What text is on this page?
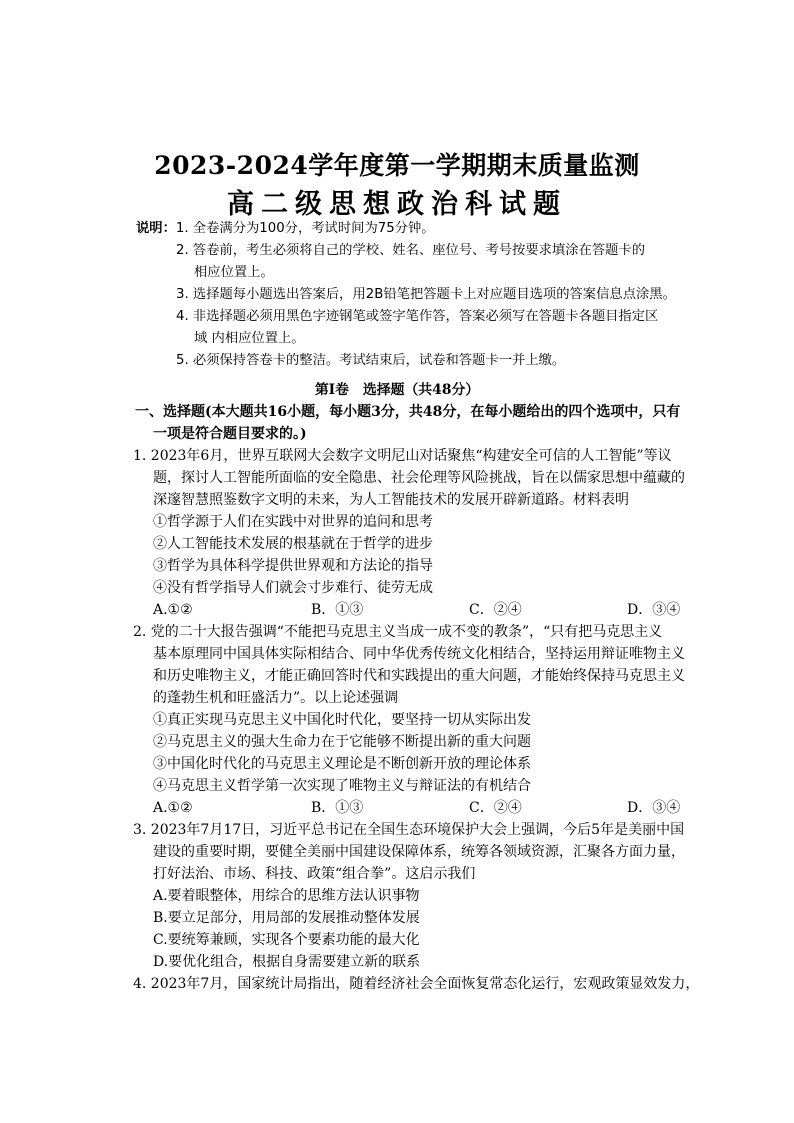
2023-2024学年度第一学期期末质量监测
高二级思想政治科试题
说明：1. 全卷满分为100分，考试时间为75分钟。
2. 答卷前，考生必须将自己的学校、姓名、座位号、考号按要求填涂在答题卡的
相应位置上。
3. 选择题每小题选出答案后，用2B铅笔把答题卡上对应题目选项的答案信息点涂黑。
4. 非选择题必须用黑色字迹钢笔或签字笔作答，答案必须写在答题卡各题目指定区
域 内相应位置上。
5. 必须保持答卷卡的整洁。考试结束后，试卷和答题卡一并上缴。
第Ⅰ卷　选择题（共48分）
一、选择题(本大题共16小题，每小题3分，共48分，在每小题给出的四个选项中，只有
一项是符合题目要求的。)
1. 2023年6月，世界互联网大会数字文明尼山对话聚焦“构建安全可信的人工智能”等议
题，探讨人工智能所面临的安全隐患、社会伦理等风险挑战，旨在以儒家思想中蕴藏的
深邃智慧照鉴数字文明的未来，为人工智能技术的发展开辟新道路。材料表明
①哲学源于人们在实践中对世界的追问和思考
②人工智能技术发展的根基就在于哲学的进步
③哲学为具体科学提供世界观和方法论的指导
④没有哲学指导人们就会寸步难行、徒劳无成
A.①②	B．①③	C．②④	D．③④
2. 党的二十大报告强调“不能把马克思主义当成一成不变的教条”，“只有把马克思主义
基本原理同中国具体实际相结合、同中华优秀传统文化相结合，坚持运用辩证唯物主义
和历史唯物主义，才能正确回答时代和实践提出的重大问题，才能始终保持马克思主义
的蓬勃生机和旺盛活力”。以上论述强调
①真正实现马克思主义中国化时代化，要坚持一切从实际出发
②马克思主义的强大生命力在于它能够不断提出新的重大问题
③中国化时代化的马克思主义理论是不断创新开放的理论体系
④马克思主义哲学第一次实现了唯物主义与辩证法的有机结合
A.①②	B．①③	C．②④	D．③④
3. 2023年7月17日，习近平总书记在全国生态环境保护大会上强调，今后5年是美丽中国
建设的重要时期，要健全美丽中国建设保障体系，统筹各领域资源，汇聚各方面力量，
打好法治、市场、科技、政策“组合拳”。这启示我们
A.要着眼整体，用综合的思维方法认识事物
B.要立足部分，用局部的发展推动整体发展
C.要统筹兼顾，实现各个要素功能的最大化
D.要优化组合，根据自身需要建立新的联系
4. 2023年7月，国家统计局指出，随着经济社会全面恢复常态化运行，宏观政策显效发力，
